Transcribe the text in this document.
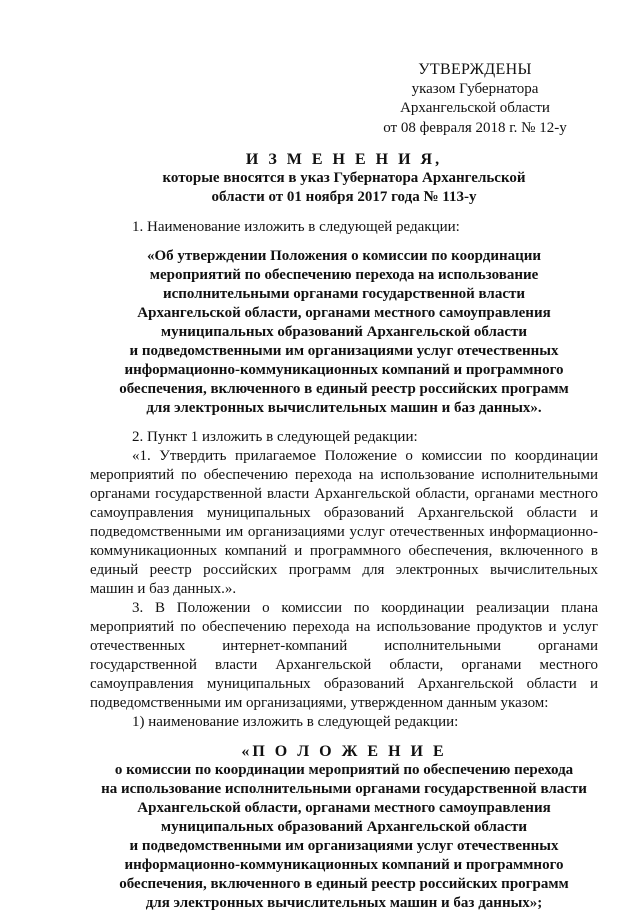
УТВЕРЖДЕНЫ
указом Губернатора
Архангельской области
от 08 февраля 2018 г. № 12-у
И З М Е Н Е Н И Я,
которые вносятся в указ Губернатора Архангельской
области от 01 ноября 2017 года № 113-у

1. Наименование изложить в следующей редакции:

«Об утверждении Положения о комиссии по координации
мероприятий по обеспечению перехода на использование
исполнительными органами государственной власти
Архангельской области, органами местного самоуправления
муниципальных образований Архангельской области
и подведомственными им организациями услуг отечественных
информационно-коммуникационных компаний и программного
обеспечения, включенного в единый реестр российских программ
для электронных вычислительных машин и баз данных».

2. Пункт 1 изложить в следующей редакции:

«1. Утвердить прилагаемое Положение о комиссии по координации мероприятий по обеспечению перехода на использование исполнительными органами государственной власти Архангельской области, органами местного самоуправления муниципальных образований Архангельской области и подведомственными им организациями услуг отечественных информационно-коммуникационных компаний и программного обеспечения, включенного в единый реестр российских программ для электронных вычислительных машин и баз данных.».

3. В Положении о комиссии по координации реализации плана мероприятий по обеспечению перехода на использование продуктов и услуг отечественных интернет-компаний исполнительными органами государственной власти Архангельской области, органами местного самоуправления муниципальных образований Архангельской области и подведомственными им организациями, утвержденном данным указом:

1) наименование изложить в следующей редакции:

«П О Л О Ж Е Н И Е
о комиссии по координации мероприятий по обеспечению перехода
на использование исполнительными органами государственной власти
Архангельской области, органами местного самоуправления
муниципальных образований Архангельской области
и подведомственными им организациями услуг отечественных
информационно-коммуникационных компаний и программного
обеспечения, включенного в единый реестр российских программ
для электронных вычислительных машин и баз данных»;
